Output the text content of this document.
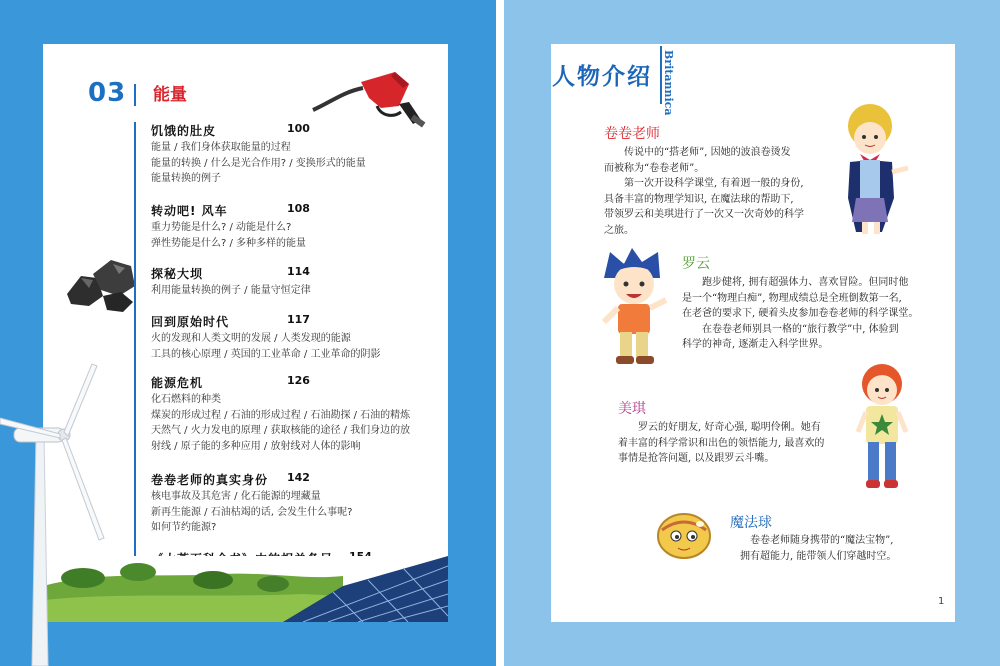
03 能量
饥饿的肚皮	100
能量 / 我们身体获取能量的过程
能量的转换 / 什么是光合作用? / 变换形式的能量
能量转换的例子
转动吧! 风车	108
重力势能是什么? / 动能是什么?
弹性势能是什么? / 多种多样的能量
探秘大坝	114
利用能量转换的例子 / 能量守恒定律
回到原始时代	117
火的发现和人类文明的发展 / 人类发现的能源
工具的核心原理 / 英国的工业革命 / 工业革命的阴影
能源危机	126
化石燃料的种类
煤炭的形成过程 / 石油的形成过程 / 石油勘探 / 石油的精炼
天然气 / 火力发电的原理 / 获取核能的途径 / 我们身边的放
射线 / 原子能的多种应用 / 放射线对人体的影响
卷卷老师的真实身份 142
核电事故及其危害 / 化石能源的埋藏量
新再生能源 / 石油枯竭的话, 会发生什么事呢?
如何节约能源?
人物介绍 Britannica
卷卷老师
传说中的“搭老师”, 因她的波浪卷烫发
而被称为“卷卷老师”。
第一次开设科学课堂, 有着迥一般的身份,
具备丰富的物理学知识, 在魔法球的帮助下,
带领罗云和美琪进行了一次又一次奇妙的科学
之旅。
罗云
跑步健将, 拥有超强体力、喜欢冒险。但同时他
是一个“物理白痴”, 物理成绩总是全班倒数第一名,
在老爸的要求下, 硬着头皮参加卷卷老师的科学课堂。
在卷卷老师别具一格的“旅行教学”中, 体验到
科学的神奇, 逐渐走入科学世界。
美琪
罗云的好朋友, 好奇心强, 聪明伶俐。她有
着丰富的科学常识和出色的领悟能力, 最喜欢的
事情是抢答问题, 以及跟罗云斗嘴。
魔法球
卷卷老师随身携带的“魔法宝物”,
拥有超能力, 能带领人们穿越时空。
1
